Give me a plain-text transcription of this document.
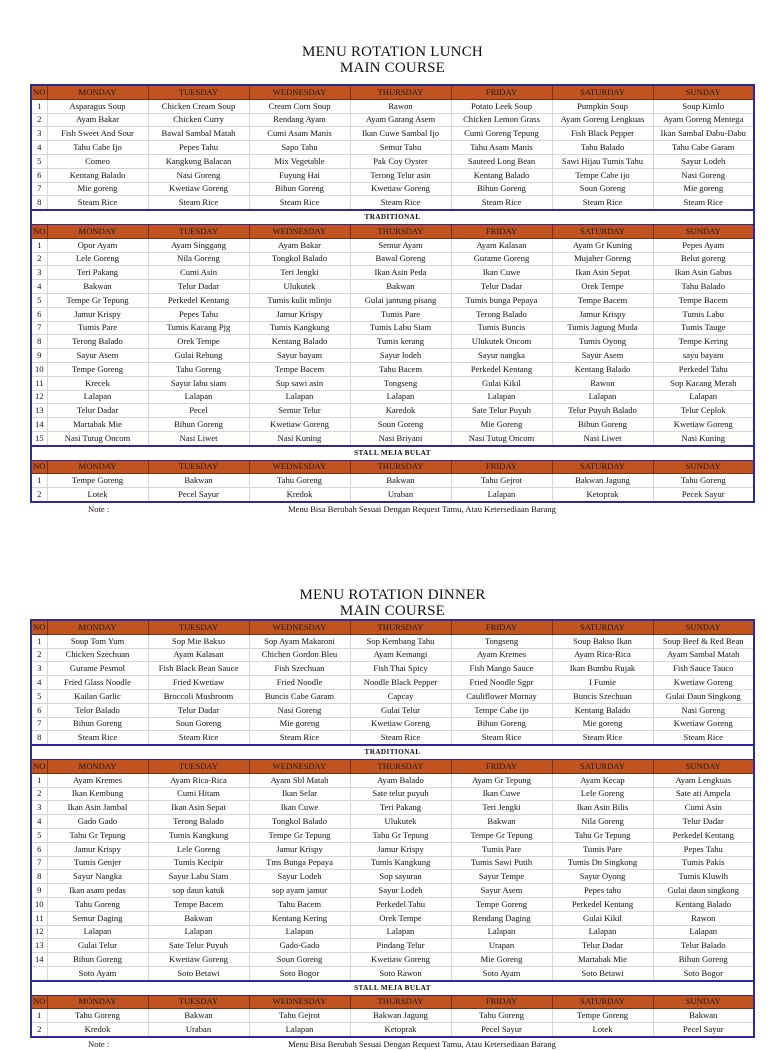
MENU ROTATION LUNCH
MAIN COURSE
NO	MONDAY	TUESDAY	WEDNESDAY	THURSDAY	FRIDAY	SATURDAY	SUNDAY
1	Asparagus Soup	Chicken Cream Soup	Cream Corn Soup	Rawon	Potato Leek Soup	Pumpkin Soup	Soup Kimlo
2	Ayam Bakar	Chicken Curry	Rendang Ayam	Ayam Garang Asem	Chicken Lemon Grass	Ayam Goreng Lengkuas	Ayam Goreng Mentega
3	Fish Sweet And Sour	Bawal Sambal Matah	Cumi Asam Manis	Ikan Cuwe Sambal Ijo	Cumi Goreng Tepung	Fish Black Pepper	Ikan Sambal Dabu-Dabu
4	Tahu Cabe Ijo	Pepes Tahu	Sapo Tahu	Semur Tahu	Tahu Asam Manis	Tahu Balado	Tahu Cabe Garam
5	Comeo	Kangkung Balacan	Mix Vegetable	Pak Coy Oyster	Sauteed Long Bean	Sawi Hijau Tumis Tahu	Sayur Lodeh
6	Kentang Balado	Nasi Goreng	Fuyung Hai	Terong Telur asin	Kentang Balado	Tempe Cabe ijo	Nasi Goreng
7	Mie goreng	Kwetiaw Goreng	Bihun Goreng	Kwetiaw Goreng	Bihun Goreng	Soun Goreng	Mie goreng
8	Steam Rice	Steam Rice	Steam Rice	Steam Rice	Steam Rice	Steam Rice	Steam Rice
TRADITIONAL							
NO	MONDAY	TUESDAY	WEDNESDAY	THURSDAY	FRIDAY	SATURDAY	SUNDAY
1	Opor Ayam	Ayam Singgang	Ayam Bakar	Semur Ayam	Ayam Kalasan	Ayam Gr Kuning	Pepes Ayam
2	Lele Goreng	Nila Goreng	Tongkol Balado	Bawal Goreng	Gurame Goreng	Mujaher Goreng	Belut goreng
3	Teri Pakang	Cumi Asin	Teri Jengki	Ikan Asin Peda	Ikan Cuwe	Ikan Asin Sepat	Ikan Asin Gabus
4	Bakwan	Telur Dadar	Ulukutek	Bakwan	Telur Dadar	Orek Tempe	Tahu Balado
5	Tempe Gr Tepung	Perkedel Kentang	Tumis kulit mlinjo	Gulai jantung pisang	Tumis bunga Pepaya	Tempe Bacem	Tempe Bacem
6	Jamur Krispy	Pepes Tahu	Jamur Krispy	Tumis Pare	Terong Balado	Jamur Krispy	Tumis Labu
7	Tumis Pare	Tumis Kacang Pjg	Tumis Kangkung	Tumis Labu Siam	Tumis Buncis	Tumis Jagung Muda	Tumis Tauge
8	Terong Balado	Orek Tempe	Kentang Balado	Tumis kerang	Ulukutek Oncom	Tumis Oyong	Tempe Kering
9	Sayur Asem	Gulai Rebung	Sayur bayam	Sayur lodeh	Sayur nangka	Sayur Asem	sayu bayam
10	Tempe Goreng	Tahu Goreng	Tempe Bacem	Tahu Bacem	Perkedel Kentang	Kentang Balado	Perkedel Tahu
11	Krecek	Sayur labu siam	Sup sawi asin	Tongseng	Gulai Kikil	Rawon	Sop Kacang Merah
12	Lalapan	Lalapan	Lalapan	Lalapan	Lalapan	Lalapan	Lalapan
13	Telur Dadar	Pecel	Semur Telur	Karedok	Sate Telur Puyuh	Telur Puyuh Balado	Telur Ceplok
14	Martabak Mie	Bihun Goreng	Kwetiaw Goreng	Soun Goreng	Mie Goreng	Bihun Goreng	Kwetiaw Goreng
15	Nasi Tutug Oncom	Nasi Liwet	Nasi Kuning	Nasi Briyani	Nasi Tutug Oncom	Nasi Liwet	Nasi Kuning
STALL MEJA BULAT							
NO	MONDAY	TUESDAY	WEDNESDAY	THURSDAY	FRIDAY	SATURDAY	SUNDAY
1	Tempe Goreng	Bakwan	Tahu Goreng	Bakwan	Tahu Gejrot	Bakwan Jagung	Tahu Goreng
2	Lotek	Pecel Sayur	Kredok	Uraban	Lalapan	Ketoprak	Pecek Sayur
Note :	Menu Bisa Berubah Sesuai Dengan Request Tamu, Atau Ketersediaan Barang
MENU ROTATION DINNER
MAIN COURSE
NO	MONDAY	TUESDAY	WEDNESDAY	THURSDAY	FRIDAY	SATURDAY	SUNDAY
1	Soup Tom Yum	Sop Mie Bakso	Sop Ayam Makaroni	Sop Kembang Tahu	Tongseng	Soup Bakso Ikan	Soup Beef & Red Bean
2	Chicken Szechuan	Ayam Kalasan	Chichen Gordon Bleu	Ayam Kemangi	Ayam Kremes	Ayam Rica-Rica	Ayam Sambal Matah
3	Gurame Pesmol	Fish Black Bean Sauce	Fish Szechuan	Fish Thai Spicy	Fish Mango Sauce	Ikan Bumbu Rujak	Fish Sauce Tauco
4	Fried Glass Noodle	Fried Kwetiaw	Fried Noodle	Noodle Black Pepper	Fried Noodle Sgpr	I Fumie	Kwetiaw Goreng
5	Kailan Garlic	Broccoli Mushroom	Buncis Cabe Garam	Capcay	Cauliflower Mornay	Buncis Szechuan	Gulai Daun Singkong
6	Telor Balado	Telur Dadar	Nasi Goreng	Gulai Telur	Tempe Cabe ijo	Kentang Balado	Nasi Goreng
7	Bihun Goreng	Soun Goreng	Mie goreng	Kwetiaw Goreng	Bihun Goreng	Mie goreng	Kwetiaw Goreng
8	Steam Rice	Steam Rice	Steam Rice	Steam Rice	Steam Rice	Steam Rice	Steam Rice
TRADITIONAL							
NO	MONDAY	TUESDAY	WEDNESDAY	THURSDAY	FRIDAY	SATURDAY	SUNDAY
1	Ayam Kremes	Ayam Rica-Rica	Ayam Sbl Matah	Ayam Balado	Ayam Gr Tepung	Ayam Kecap	Ayam Lengkuas
2	Ikan Kembung	Cumi Hitam	Ikan Selar	Sate telur puyuh	Ikan Cuwe	Lele Goreng	Sate ati Ampela
3	Ikan Asin Jambal	Ikan Asin Sepat	Ikan Cuwe	Teri Pakang	Teri Jengki	Ikan Asin Bilis	Cumi Asin
4	Gado Gado	Terong Balado	Tongkol Balado	Ulukutek	Bakwan	Nila Goreng	Telur Dadar
5	Tahu Gr Tepung	Tumis Kangkung	Tempe Gr Tepung	Tahu Gr Tepung	Tempe Gr Tepung	Tahu Gr Tepung	Perkedel Kentang
6	Jamur Krispy	Lele Goreng	Jamur Krispy	Jamur Krispy	Tumis Pare	Tumis Pare	Pepes Tahu
7	Tumis Genjer	Tumis Kecipir	Tms Bunga Pepaya	Tumis Kangkung	Tumis Sawi Putih	Tumis Dn Singkong	Tumis Pakis
8	Sayur Nangka	Sayur Labu Siam	Sayur Lodeh	Sop sayuran	Sayur Tempe	Sayur Oyong	Tumis Kluwih
9	Ikan asam pedas	sop daun katuk	sop ayam jamur	Sayur Lodeh	Sayur Asem	Pepes tahu	Gulai daun singkong
10	Tahu Goreng	Tempe Bacem	Tahu Bacem	Perkedel Tahu	Tempe Goreng	Perkedel Kentang	Kentang Balado
11	Semur Daging	Bakwan	Kentang Kering	Orek Tempe	Rendang Daging	Gulai Kikil	Rawon
12	Lalapan	Lalapan	Lalapan	Lalapan	Lalapan	Lalapan	Lalapan
13	Gulai Telur	Sate Telur Puyuh	Gado-Gado	Pindang Telur	Urapan	Telur Dadar	Telur Balado
14	Bihun Goreng	Kwetiaw Goreng	Soun Goreng	Kwetiaw Goreng	Mie Goreng	Martabak Mie	Bihun Goreng
	Soto Ayam	Soto Betawi	Soto Bogor	Soto Rawon	Soto Ayam	Soto Betawi	Soto Bogor
STALL MEJA BULAT							
NO	MONDAY	TUESDAY	WEDNESDAY	THURSDAY	FRIDAY	SATURDAY	SUNDAY
1	Tahu Goreng	Bakwan	Tahu Gejrot	Bakwan Jagung	Tahu Goreng	Tempe Goreng	Bakwan
2	Kredok	Uraban	Lalapan	Ketoprak	Pecel Sayur	Lotek	Pecel Sayur
Note :	Menu Bisa Berubah Sesuai Dengan Request Tamu, Atau Ketersediaan Barang
